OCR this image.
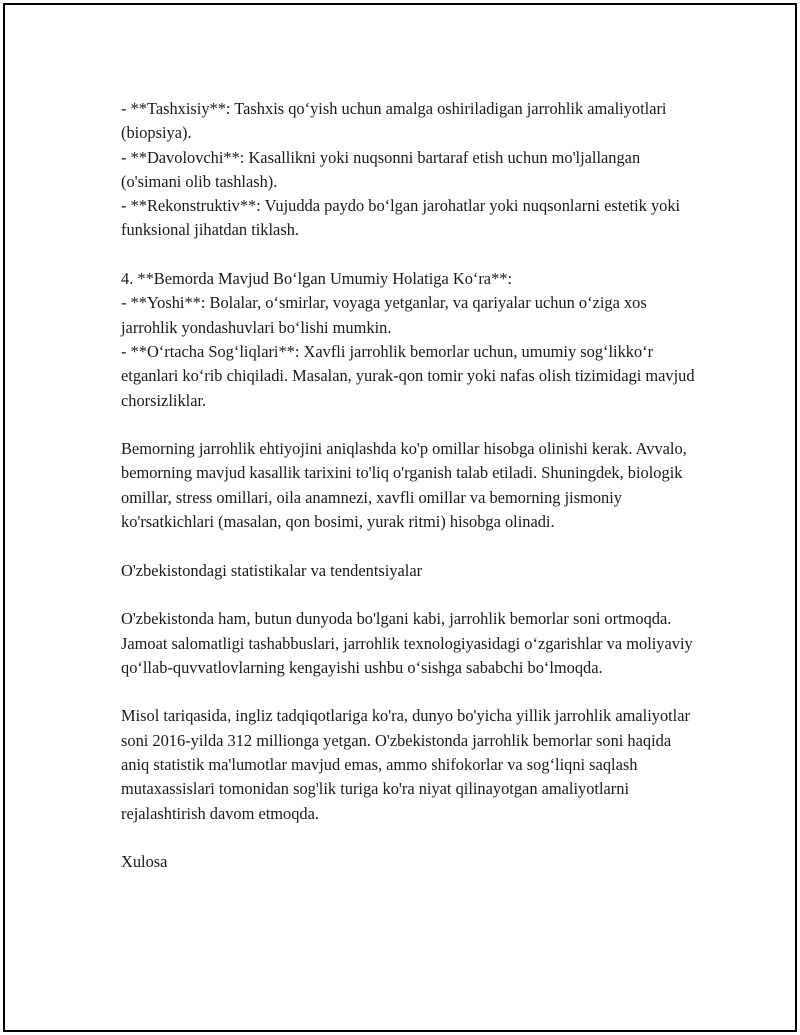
- **Tashxisiy**: Tashxis qo‘yish uchun amalga oshiriladigan jarrohlik amaliyotlari (biopsiya).

- **Davolovchi**: Kasallikni yoki nuqsonni bartaraf etish uchun mo'ljallangan (o'simani olib tashlash).

- **Rekonstruktiv**: Vujudda paydo bo‘lgan jarohatlar yoki nuqsonlarni estetik yoki funksional jihatdan tiklash.

4. **Bemorda Mavjud Bo‘lgan Umumiy Holatiga Ko‘ra**:

- **Yoshi**: Bolalar, o‘smirlar, voyaga yetganlar, va qariyalar uchun o‘ziga xos jarrohlik yondashuvlari bo‘lishi mumkin.

- **O‘rtacha Sog‘liqlari**: Xavfli jarrohlik bemorlar uchun, umumiy sog‘likko‘r etganlari ko‘rib chiqiladi. Masalan, yurak-qon tomir yoki nafas olish tizimidagi mavjud chorsizliklar.

Bemorning jarrohlik ehtiyojini aniqlashda ko'p omillar hisobga olinishi kerak. Avvalo, bemorning mavjud kasallik tarixini to'liq o'rganish talab etiladi. Shuningdek, biologik omillar, stress omillari, oila anamnezi, xavfli omillar va bemorning jismoniy ko'rsatkichlari (masalan, qon bosimi, yurak ritmi) hisobga olinadi.

O'zbekistondagi statistikalar va tendentsiyalar

O'zbekistonda ham, butun dunyoda bo'lgani kabi, jarrohlik bemorlar soni ortmoqda. Jamoat salomatligi tashabbuslari, jarrohlik texnologiyasidagi o‘zgarishlar va moliyaviy qo‘llab-quvvatlovlarning kengayishi ushbu o‘sishga sababchi bo‘lmoqda.

Misol tariqasida, ingliz tadqiqotlariga ko'ra, dunyo bo'yicha yillik jarrohlik amaliyotlar soni 2016-yilda 312 millionga yetgan. O'zbekistonda jarrohlik bemorlar soni haqida aniq statistik ma'lumotlar mavjud emas, ammo shifokorlar va sog‘liqni saqlash mutaxassislari tomonidan sog'lik turiga ko'ra niyat qilinayotgan amaliyotlarni rejalashtirish davom etmoqda.

Xulosa
